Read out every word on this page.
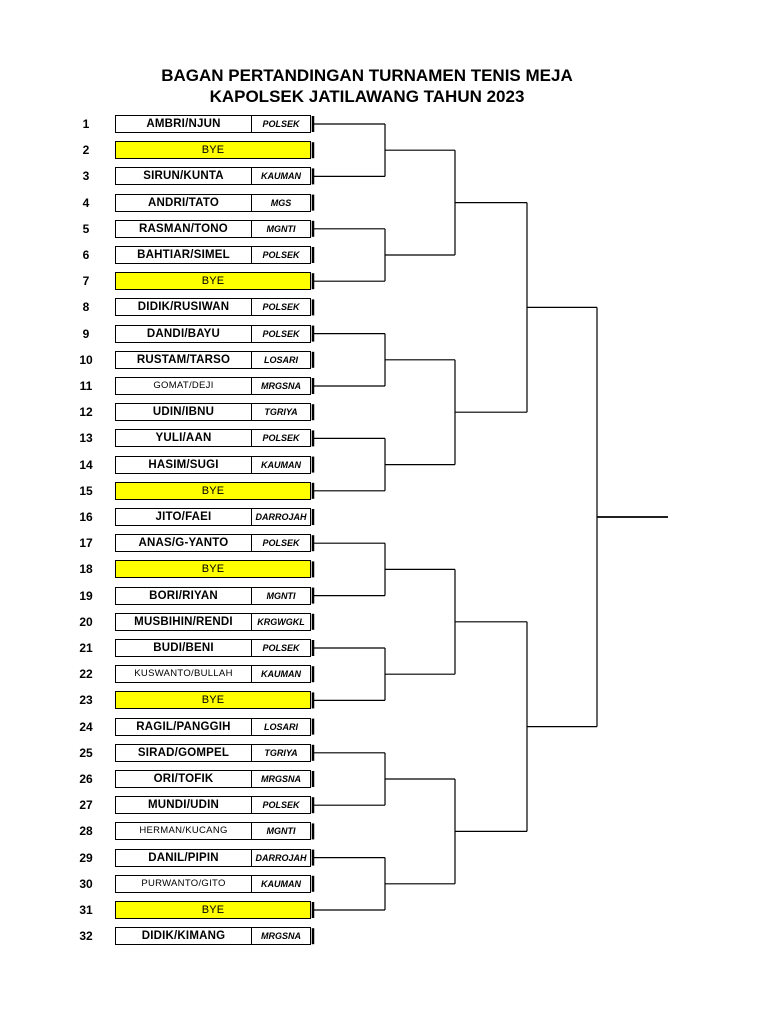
BAGAN PERTANDINGAN TURNAMEN TENIS MEJA
KAPOLSEK JATILAWANG TAHUN 2023
1	AMBRI/NJUN	POLSEK
2	BYE
3	SIRUN/KUNTA	KAUMAN
4	ANDRI/TATO	MGS
5	RASMAN/TONO	MGNTI
6	BAHTIAR/SIMEL	POLSEK
7	BYE
8	DIDIK/RUSIWAN	POLSEK
9	DANDI/BAYU	POLSEK
10	RUSTAM/TARSO	LOSARI
11	GOMAT/DEJI	MRGSNA
12	UDIN/IBNU	TGRIYA
13	YULI/AAN	POLSEK
14	HASIM/SUGI	KAUMAN
15	BYE
16	JITO/FAEI	DARROJAH
17	ANAS/G-YANTO	POLSEK
18	BYE
19	BORI/RIYAN	MGNTI
20	MUSBIHIN/RENDI	KRGWGKL
21	BUDI/BENI	POLSEK
22	KUSWANTO/BULLAH	KAUMAN
23	BYE
24	RAGIL/PANGGIH	LOSARI
25	SIRAD/GOMPEL	TGRIYA
26	ORI/TOFIK	MRGSNA
27	MUNDI/UDIN	POLSEK
28	HERMAN/KUCANG	MGNTI
29	DANIL/PIPIN	DARROJAH
30	PURWANTO/GITO	KAUMAN
31	BYE
32	DIDIK/KIMANG	MRGSNA
